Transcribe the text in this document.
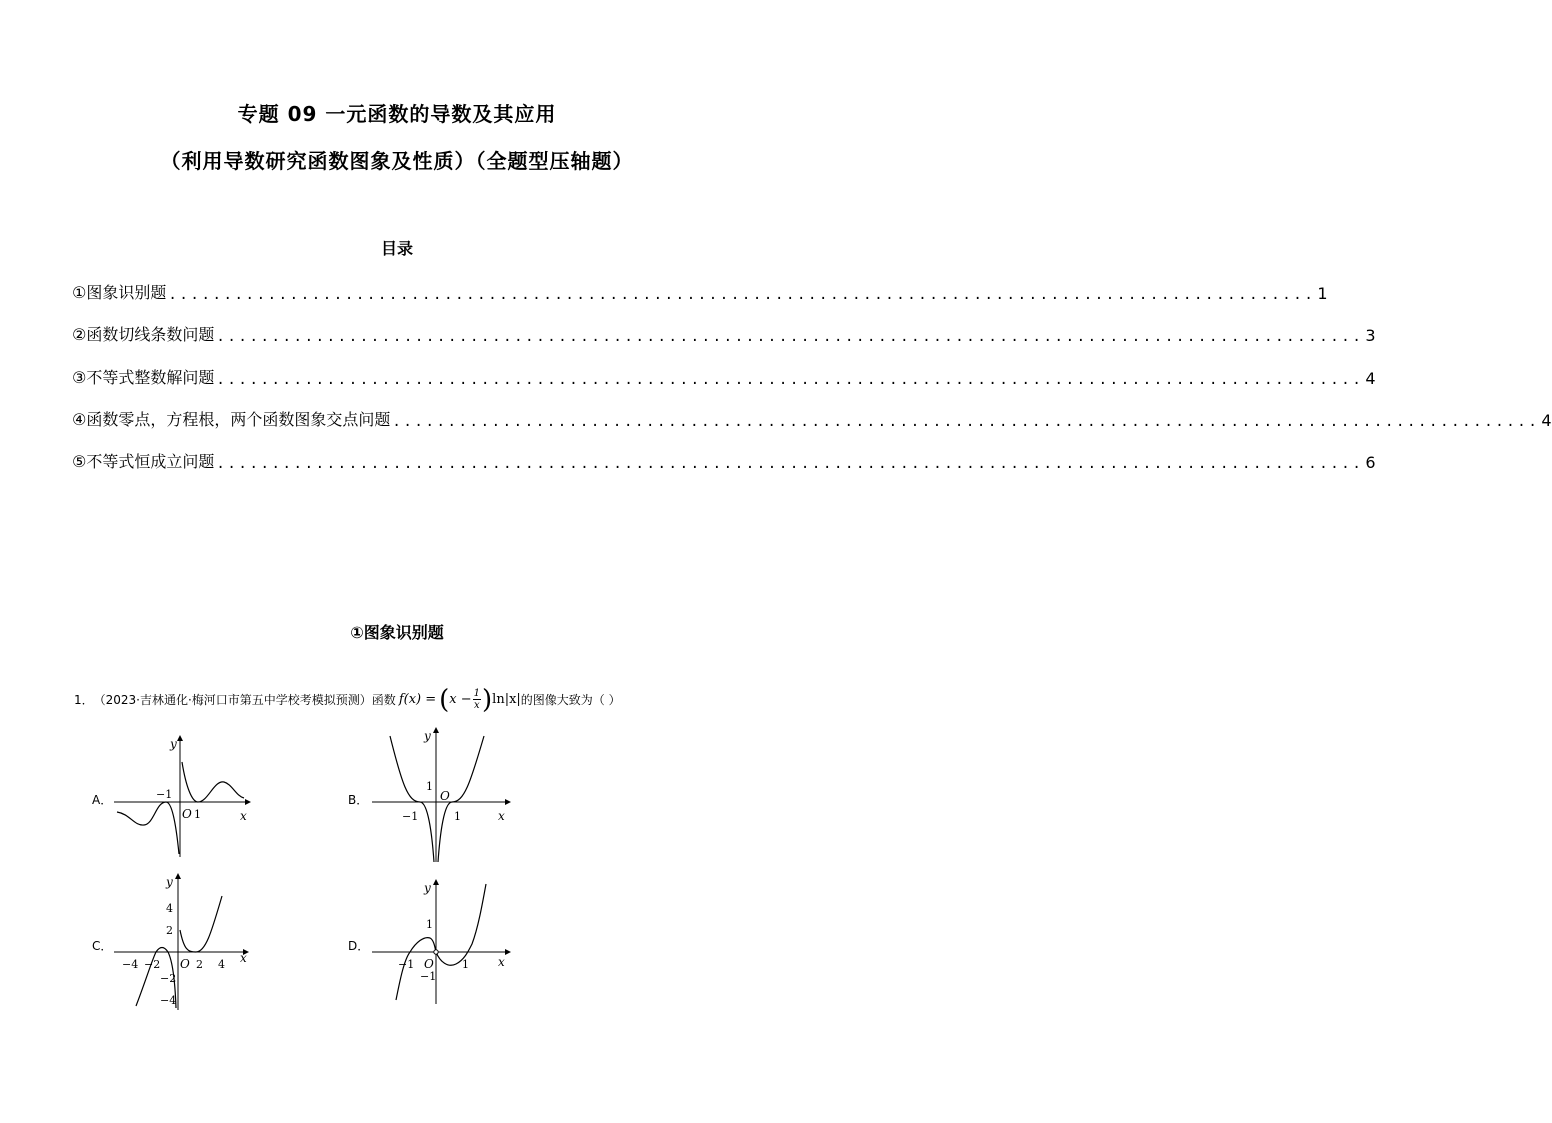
专题 09 一元函数的导数及其应用
（利用导数研究函数图象及性质）（全题型压轴题）
目录
①图象识别题 ........................................................................................................ 1
②函数切线条数问题 ........................................................................................................ 3
③不等式整数解问题 ........................................................................................................ 4
④函数零点，方程根，两个函数图象交点问题 ........................................................................................................ 4
⑤不等式恒成立问题 ........................................................................................................ 6
①图象识别题
1． （2023·吉林通化·梅河口市第五中学校考模拟预测）函数 f(x) = ( $x - \frac{1}{x}$ ) ln|x| 的图像大致为（ ）
A．
y
x
−1
O 1
B．
y
x
−1
O
1
1
C．
y
x
−4 −2 O 2 4
4
2
−2
−4
D．
y
x
−1 O	1
1
−1
